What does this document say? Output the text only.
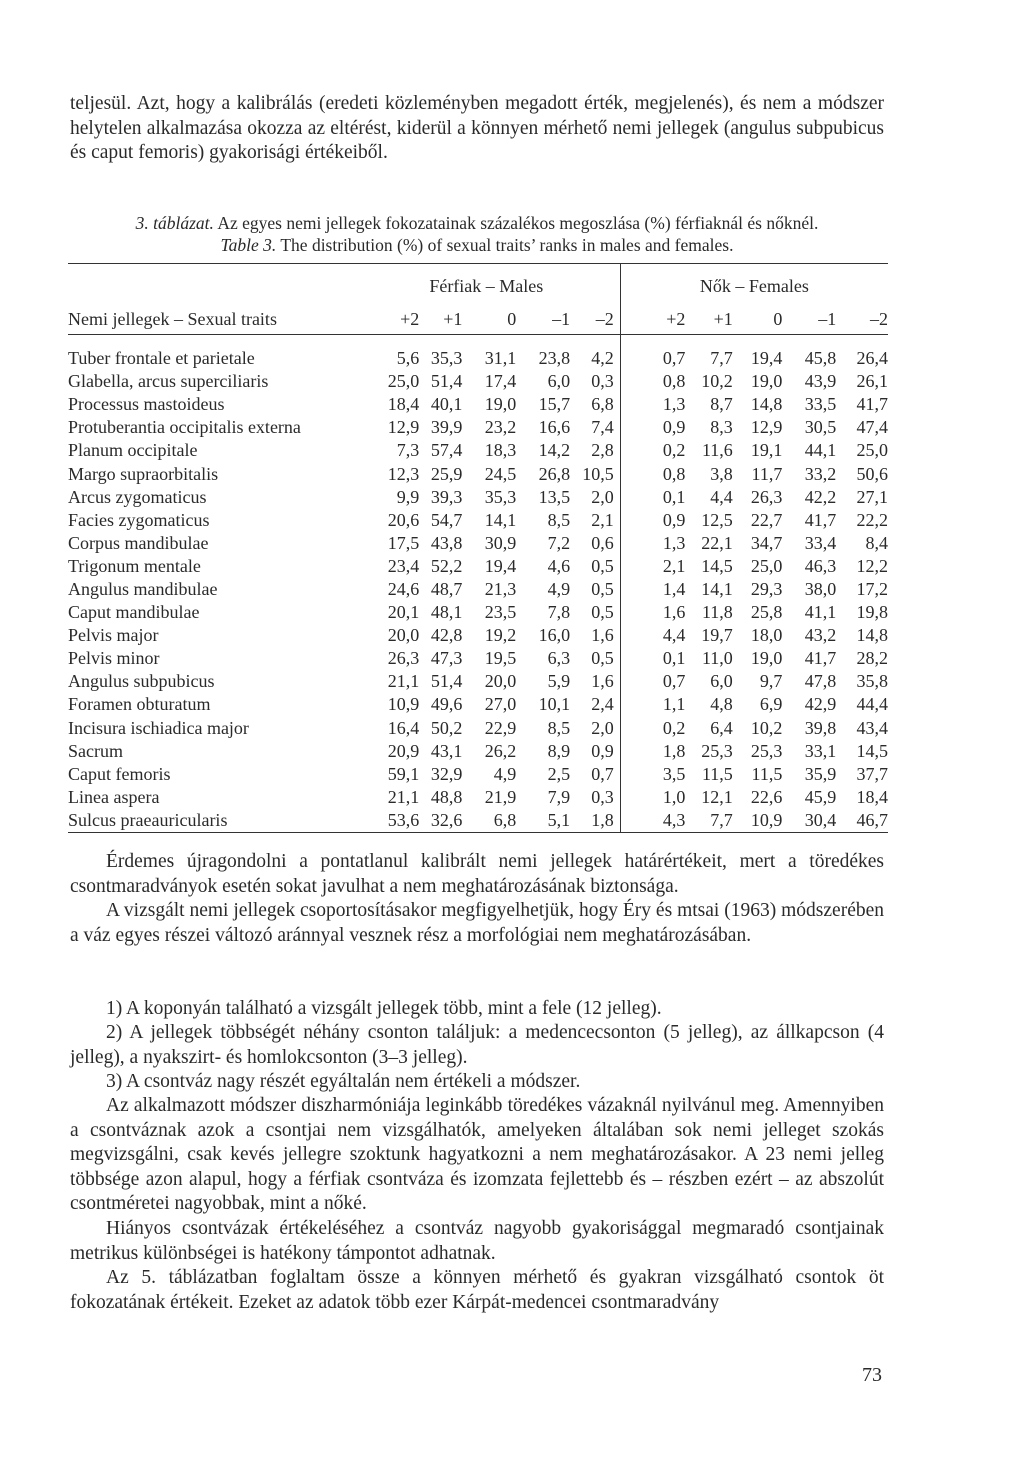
teljesül. Azt, hogy a kalibrálás (eredeti közleményben megadott érték, megjelenés), és nem a módszer helytelen alkalmazása okozza az eltérést, kiderül a könnyen mérhető nemi jellegek (angulus subpubicus és caput femoris) gyakorisági értékeiből.

3. táblázat. Az egyes nemi jellegek fokozatainak százalékos megoszlása (%) férfiaknál és nőknél.
Table 3. The distribution (%) of sexual traits’ ranks in males and females.
	Férfiak – Males					Nők – Females				
Nemi jellegek – Sexual traits	+2	+1	0	–1	–2	+2	+1	0	–1	–2
Tuber frontale et parietale	5,6	35,3	31,1	23,8	4,2	0,7	7,7	19,4	45,8	26,4
Glabella, arcus superciliaris	25,0	51,4	17,4	6,0	0,3	0,8	10,2	19,0	43,9	26,1
Processus mastoideus	18,4	40,1	19,0	15,7	6,8	1,3	8,7	14,8	33,5	41,7
Protuberantia occipitalis externa	12,9	39,9	23,2	16,6	7,4	0,9	8,3	12,9	30,5	47,4
Planum occipitale	7,3	57,4	18,3	14,2	2,8	0,2	11,6	19,1	44,1	25,0
Margo supraorbitalis	12,3	25,9	24,5	26,8	10,5	0,8	3,8	11,7	33,2	50,6
Arcus zygomaticus	9,9	39,3	35,3	13,5	2,0	0,1	4,4	26,3	42,2	27,1
Facies zygomaticus	20,6	54,7	14,1	8,5	2,1	0,9	12,5	22,7	41,7	22,2
Corpus mandibulae	17,5	43,8	30,9	7,2	0,6	1,3	22,1	34,7	33,4	8,4
Trigonum mentale	23,4	52,2	19,4	4,6	0,5	2,1	14,5	25,0	46,3	12,2
Angulus mandibulae	24,6	48,7	21,3	4,9	0,5	1,4	14,1	29,3	38,0	17,2
Caput mandibulae	20,1	48,1	23,5	7,8	0,5	1,6	11,8	25,8	41,1	19,8
Pelvis major	20,0	42,8	19,2	16,0	1,6	4,4	19,7	18,0	43,2	14,8
Pelvis minor	26,3	47,3	19,5	6,3	0,5	0,1	11,0	19,0	41,7	28,2
Angulus subpubicus	21,1	51,4	20,0	5,9	1,6	0,7	6,0	9,7	47,8	35,8
Foramen obturatum	10,9	49,6	27,0	10,1	2,4	1,1	4,8	6,9	42,9	44,4
Incisura ischiadica major	16,4	50,2	22,9	8,5	2,0	0,2	6,4	10,2	39,8	43,4
Sacrum	20,9	43,1	26,2	8,9	0,9	1,8	25,3	25,3	33,1	14,5
Caput femoris	59,1	32,9	4,9	2,5	0,7	3,5	11,5	11,5	35,9	37,7
Linea aspera	21,1	48,8	21,9	7,9	0,3	1,0	12,1	22,6	45,9	18,4
Sulcus praeauricularis	53,6	32,6	6,8	5,1	1,8	4,3	7,7	10,9	30,4	46,7

Érdemes újragondolni a pontatlanul kalibrált nemi jellegek határértékeit, mert a töredékes csontmaradványok esetén sokat javulhat a nem meghatározásának biztonsága.

A vizsgált nemi jellegek csoportosításakor megfigyelhetjük, hogy Éry és mtsai (1963) módszerében a váz egyes részei változó aránnyal vesznek rész a morfológiai nem meghatározásában.

1) A koponyán található a vizsgált jellegek több, mint a fele (12 jelleg).

2) A jellegek többségét néhány csonton találjuk: a medencecsonton (5 jelleg), az állkapcson (4 jelleg), a nyakszirt- és homlokcsonton (3–3 jelleg).

3) A csontváz nagy részét egyáltalán nem értékeli a módszer.

Az alkalmazott módszer diszharmóniája leginkább töredékes vázaknál nyilvánul meg. Amennyiben a csontváznak azok a csontjai nem vizsgálhatók, amelyeken általában sok nemi jelleget szokás megvizsgálni, csak kevés jellegre szoktunk hagyatkozni a nem meghatározásakor. A 23 nemi jelleg többsége azon alapul, hogy a férfiak csontváza és izomzata fejlettebb és – részben ezért – az abszolút csontméretei nagyobbak, mint a nőké.

Hiányos csontvázak értékeléséhez a csontváz nagyobb gyakorisággal megmaradó csontjainak metrikus különbségei is hatékony támpontot adhatnak.

Az 5. táblázatban foglaltam össze a könnyen mérhető és gyakran vizsgálható csontok öt fokozatának értékeit. Ezeket az adatok több ezer Kárpát-medencei csontmaradvány

73
